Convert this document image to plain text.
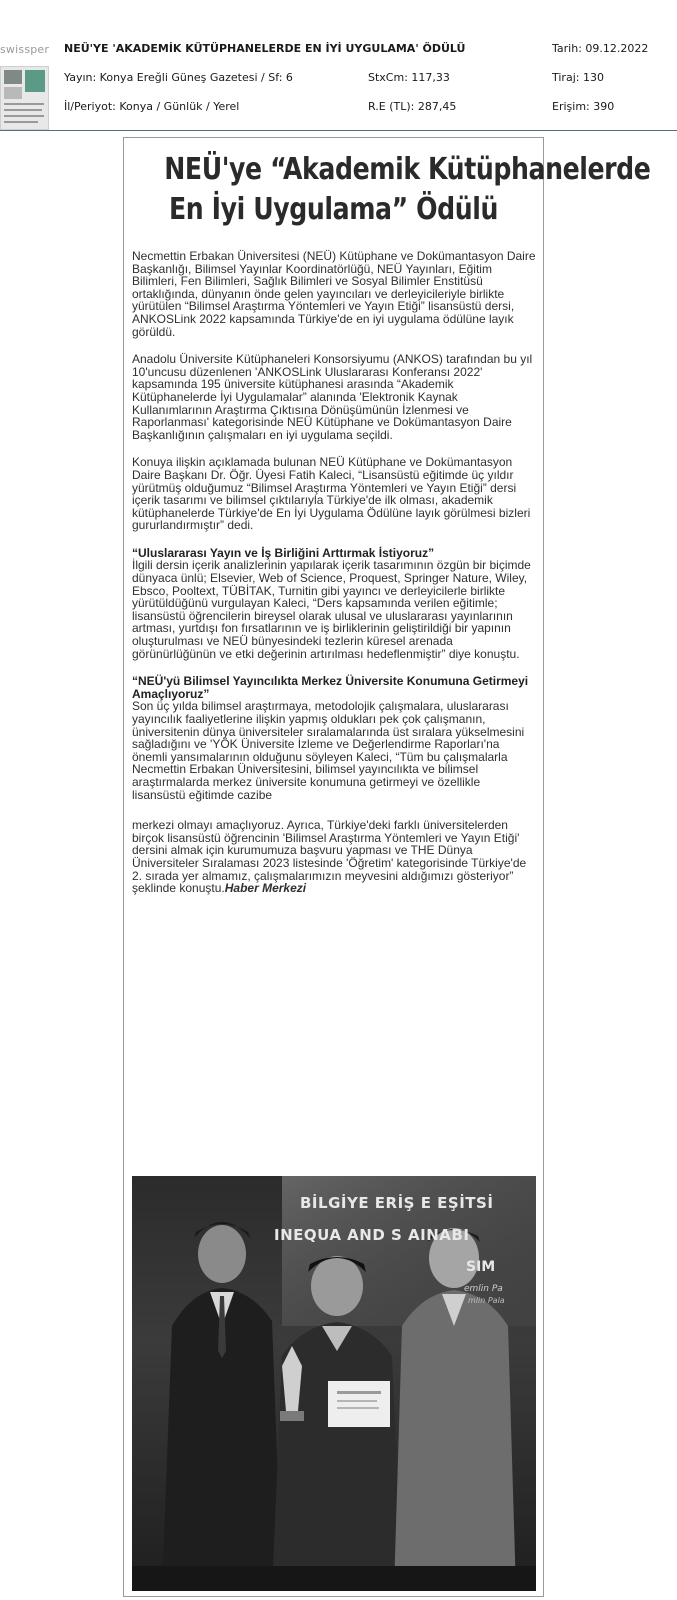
swissper NEÜ'YE 'AKADEMİK KÜTÜPHANELERDE EN İYİ UYGULAMA' ÖDÜLÜ	Tarih: 09.12.2022
Yayın: Konya Ereğli Güneş Gazetesi / Sf: 6	StxCm: 117,33	Tiraj: 130
İl/Periyot: Konya / Günlük / Yerel	R.E (TL): 287,45	Erişim: 390
NEÜ'ye “Akademik Kütüphanelerde
En İyi Uygulama” Ödülü

Necmettin Erbakan Üniversitesi (NEÜ) Kütüphane ve Dokümantasyon Daire Başkanlığı, Bilimsel Yayınlar Koordinatörlüğü, NEÜ Yayınları, Eğitim Bilimleri, Fen Bilimleri, Sağlık Bilimleri ve Sosyal Bilimler Enstitüsü ortaklığında, dünyanın önde gelen yayıncıları ve derleyicileriyle birlikte yürütülen “Bilimsel Araştırma Yöntemleri ve Yayın Etiği” lisansüstü dersi, ANKOSLink 2022 kapsamında Türkiye'de en iyi uygulama ödülüne layık görüldü.

Anadolu Üniversite Kütüphaneleri Konsorsiyumu (ANKOS) tarafından bu yıl 10'uncusu düzenlenen 'ANKOSLink Uluslararası Konferansı 2022' kapsamında 195 üniversite kütüphanesi arasında “Akademik Kütüphanelerde İyi Uygulamalar” alanında 'Elektronik Kaynak Kullanımlarının Araştırma Çıktısına Dönüşümünün İzlenmesi ve Raporlanması' kategorisinde NEÜ Kütüphane ve Dokümantasyon Daire Başkanlığının çalışmaları en iyi uygulama seçildi.

Konuya ilişkin açıklamada bulunan NEÜ Kütüphane ve Dokümantasyon Daire Başkanı Dr. Öğr. Üyesi Fatih Kaleci, “Lisansüstü eğitimde üç yıldır yürütmüş olduğumuz “Bilimsel Araştırma Yöntemleri ve Yayın Etiği” dersi içerik tasarımı ve bilimsel çıktılarıyla Türkiye'de ilk olması, akademik kütüphanelerde Türkiye'de En İyi Uygulama Ödülüne layık görülmesi bizleri gururlandırmıştır” dedi.

“Uluslararası Yayın ve İş Birliğini Arttırmak İstiyoruz”
İlgili dersin içerik analizlerinin yapılarak içerik tasarımının özgün bir biçimde dünyaca ünlü; Elsevier, Web of Science, Proquest, Springer Nature, Wiley, Ebsco, Pooltext, TÜBİTAK, Turnitin gibi yayıncı ve derleyicilerle birlikte yürütüldüğünü vurgulayan Kaleci, “Ders kapsamında verilen eğitimle; lisansüstü öğrencilerin bireysel olarak ulusal ve uluslararası yayınlarının artması, yurtdışı fon fırsatlarının ve iş birliklerinin geliştirildiği bir yapının oluşturulması ve NEÜ bünyesindeki tezlerin küresel arenada görünürlüğünün ve etki değerinin artırılması hedeflenmiştir” diye konuştu.

“NEÜ'yü Bilimsel Yayıncılıkta Merkez Üniversite Konumuna Getirmeyi Amaçlıyoruz”
Son üç yılda bilimsel araştırmaya, metodolojik çalışmalara, uluslararası yayıncılık faaliyetlerine ilişkin yapmış oldukları pek çok çalışmanın, üniversitenin dünya üniversiteler sıralamalarında üst sıralara yükselmesini sağladığını ve 'YÖK Üniversite İzleme ve Değerlendirme Raporları'na önemli yansımalarının olduğunu söyleyen Kaleci, “Tüm bu çalışmalarla Necmettin Erbakan Üniversitesini, bilimsel yayıncılıkta ve bilimsel araştırmalarda merkez üniversite konumuna getirmeyi ve özellikle lisansüstü eğitimde cazibe

merkezi olmayı amaçlıyoruz. Ayrıca, Türkiye'deki farklı üniversitelerden birçok lisansüstü öğrencinin 'Bilimsel Araştırma Yöntemleri ve Yayın Etiği' dersini almak için kurumumuza başvuru yapması ve THE Dünya Üniversiteler Sıralaması 2023 listesinde 'Öğretim' kategorisinde Türkiye'de 2. sırada yer almamız, çalışmalarımızın meyvesini aldığımızı gösteriyor” şeklinde konuştu.Haber Merkezi

BİLGİYE ERİŞ E EŞİTSİ
INEQUA AND S AINABI
SIM
emlin Pa
mlin Pala
